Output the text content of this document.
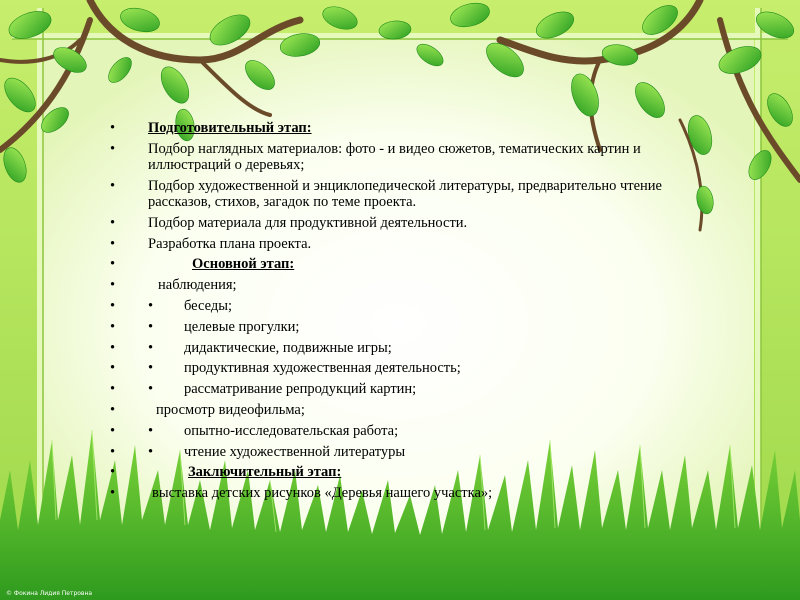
•	Подготовительный этап:
•	Подбор наглядных материалов: фото - и видео сюжетов, тематических картин и иллюстраций о деревьях;
•	Подбор художественной и энциклопедической литературы, предварительно чтение рассказов, стихов, загадок по теме проекта.
•	Подбор материала для продуктивной деятельности.
•	Разработка плана проекта.
•	Основной этап:
•	наблюдения;
•	• беседы;
•	• целевые прогулки;
•	• дидактические, подвижные игры;
•	• продуктивная художественная деятельность;
•	• рассматривание репродукций картин;
•	просмотр видеофильма;
•	• опытно-исследовательская работа;
•	• чтение художественной литературы
•	Заключительный этап:
•	выставка детских рисунков «Деревья нашего участка»;
© Фокина Лидия Петровна
